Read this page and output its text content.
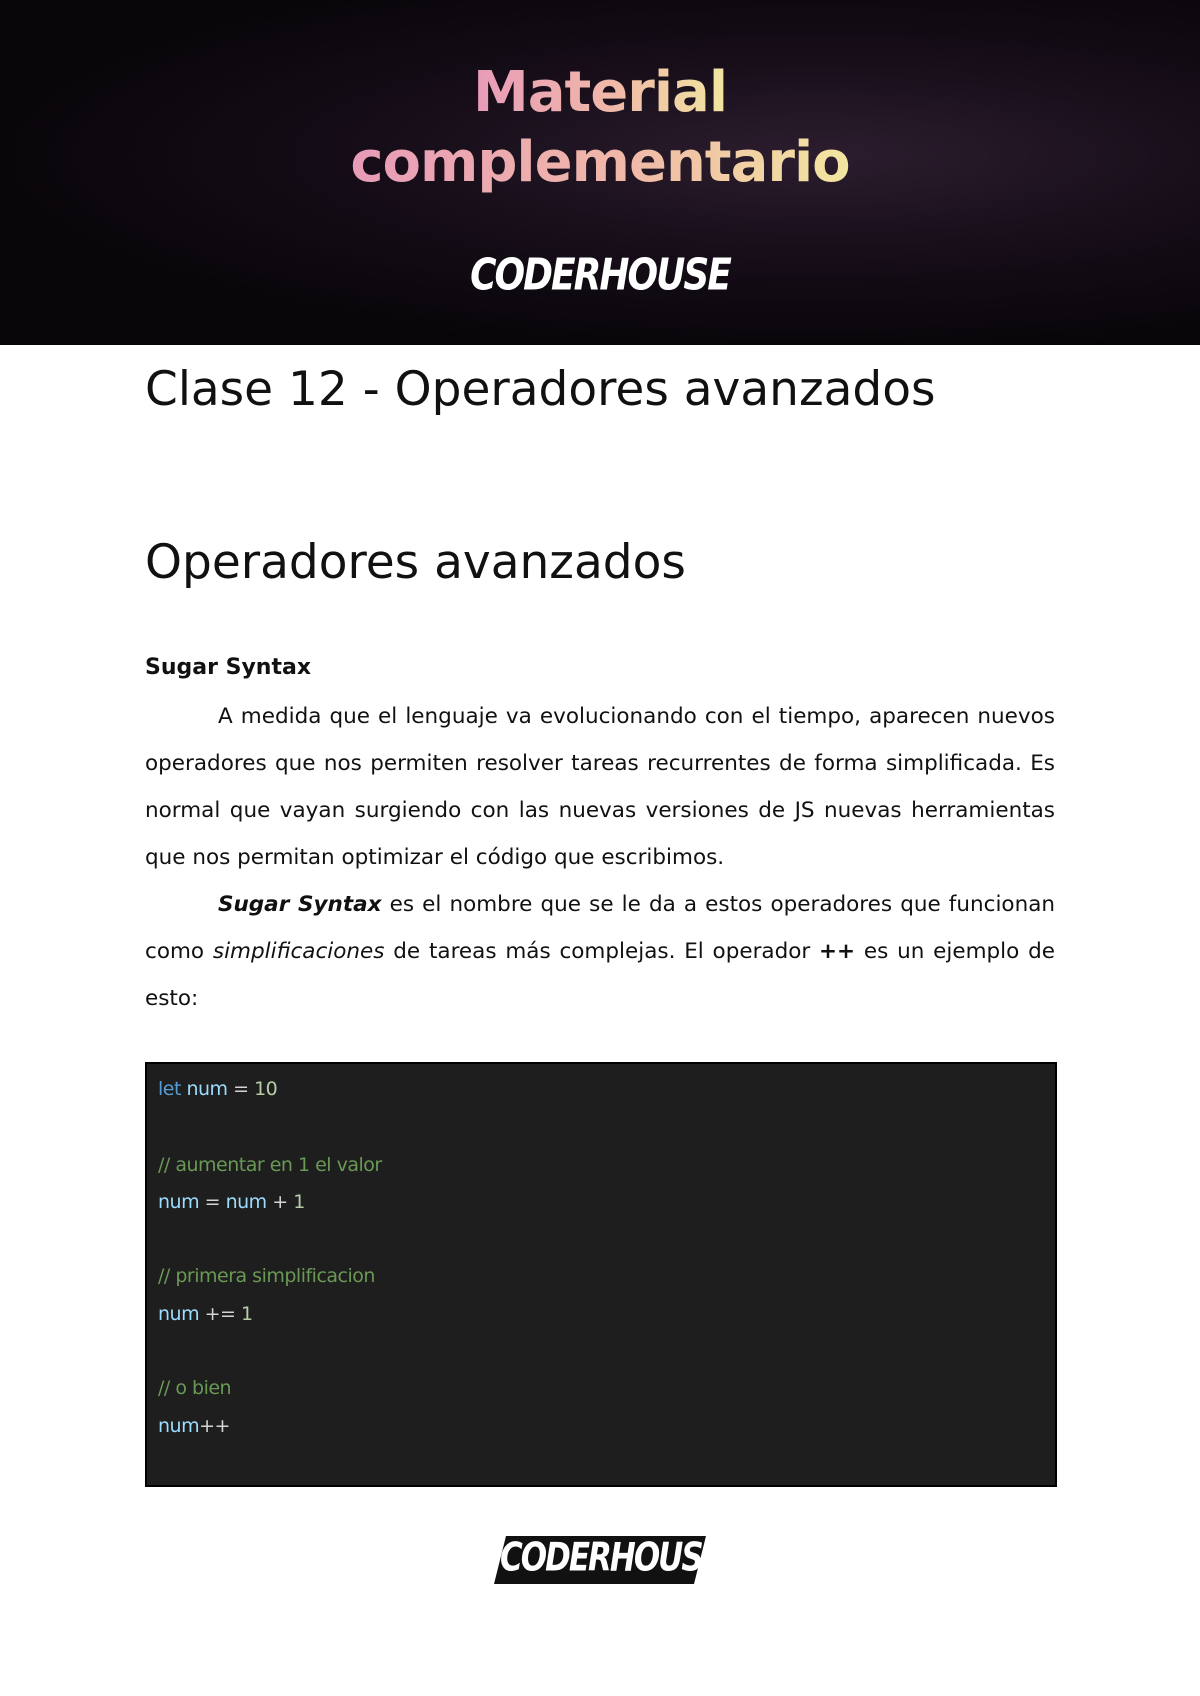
Material
complementario
CODERHOUSE
Clase 12 - Operadores avanzados
Operadores avanzados
Sugar Syntax

A medida que el lenguaje va evolucionando con el tiempo, aparecen nuevos operadores que nos permiten resolver tareas recurrentes de forma simplificada. Es normal que vayan surgiendo con las nuevas versiones de JS nuevas herramientas que nos permitan optimizar el código que escribimos.

Sugar Syntax es el nombre que se le da a estos operadores que funcionan como simplificaciones de tareas más complejas. El operador ++ es un ejemplo de esto:

let num = 10
// aumentar en 1 el valor
num = num + 1
// primera simplificacion
num += 1
// o bien
num++
CODERHOUSE
